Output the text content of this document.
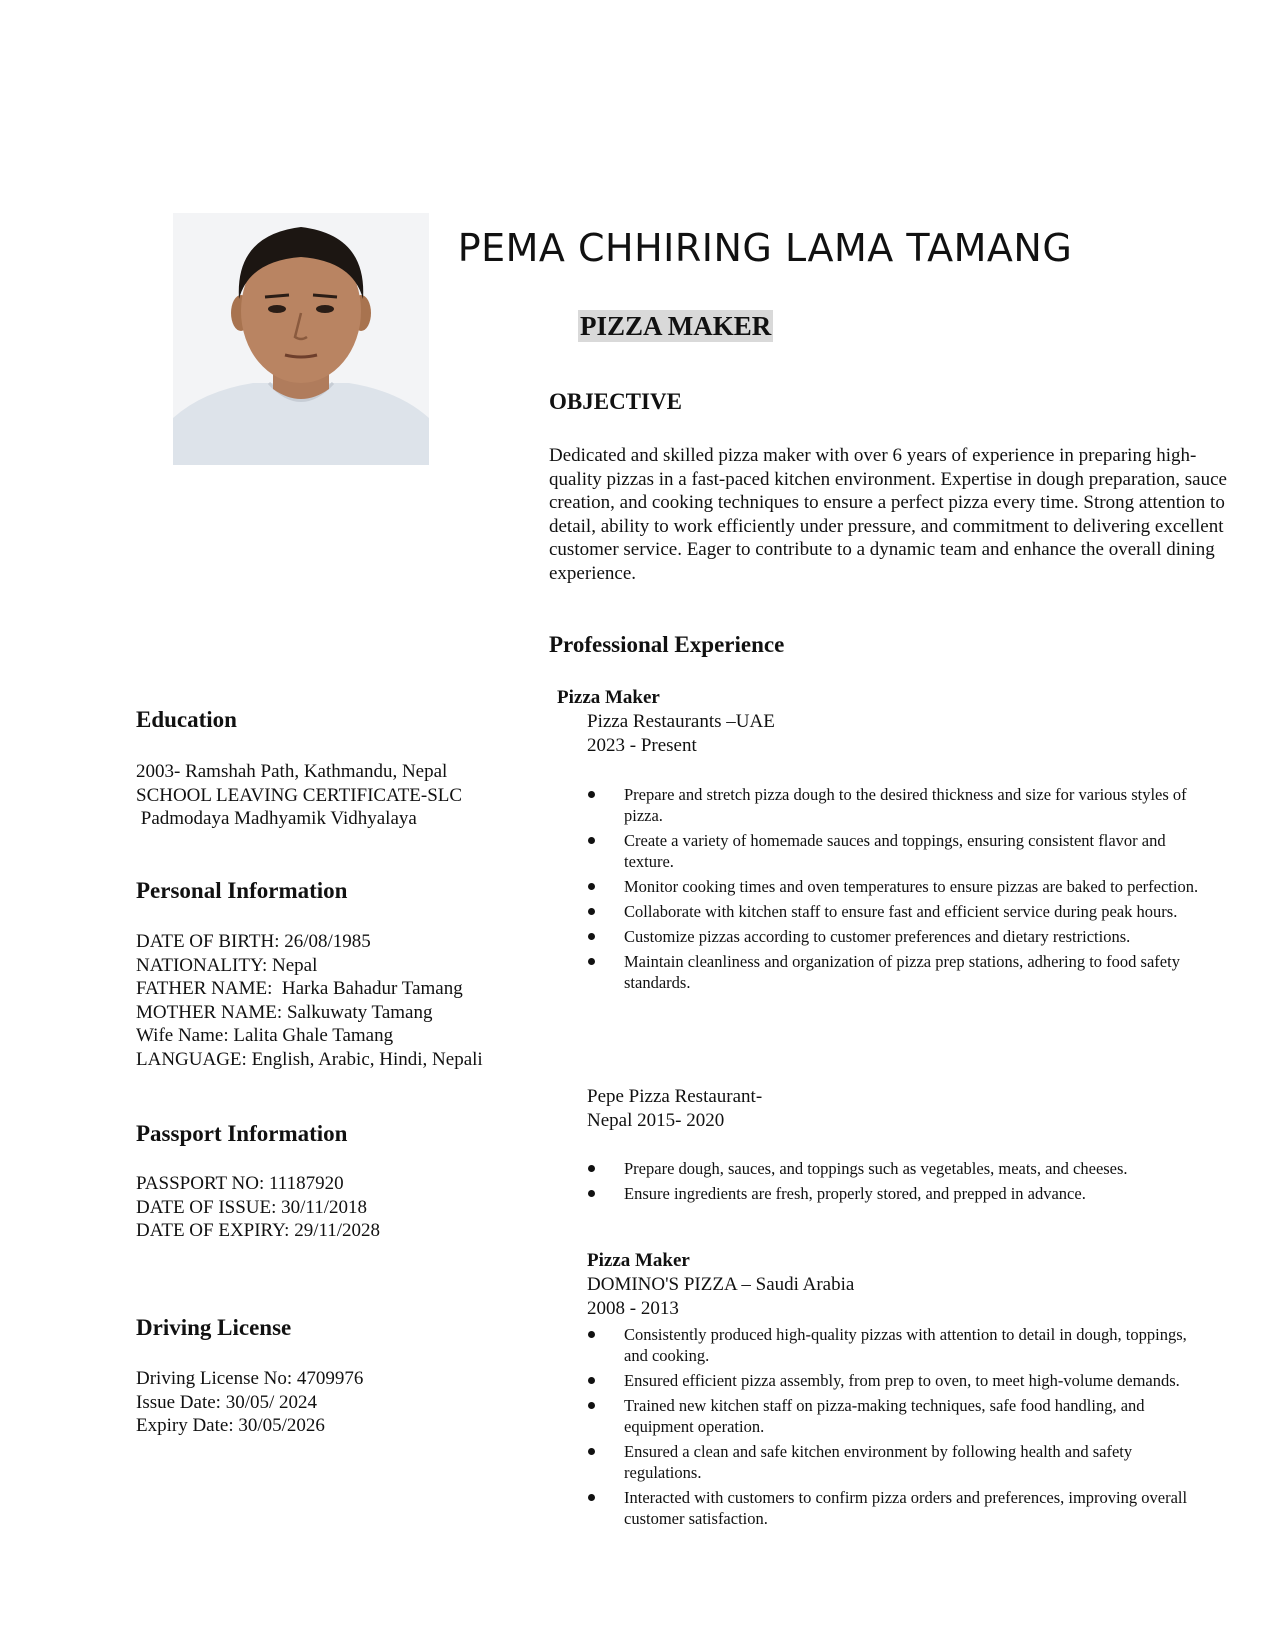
PEMA CHHIRING LAMA TAMANG
PIZZA MAKER
OBJECTIVE
Dedicated and skilled pizza maker with over 6 years of experience in preparing high-quality pizzas in a fast-paced kitchen environment. Expertise in dough preparation, sauce creation, and cooking techniques to ensure a perfect pizza every time. Strong attention to detail, ability to work efficiently under pressure, and commitment to delivering excellent customer service. Eager to contribute to a dynamic team and enhance the overall dining experience.
Professional Experience
Pizza Maker
Pizza Restaurants –UAE
2023 - Present
Prepare and stretch pizza dough to the desired thickness and size for various styles of pizza.
Create a variety of homemade sauces and toppings, ensuring consistent flavor and texture.
Monitor cooking times and oven temperatures to ensure pizzas are baked to perfection.
Collaborate with kitchen staff to ensure fast and efficient service during peak hours.
Customize pizzas according to customer preferences and dietary restrictions.
Maintain cleanliness and organization of pizza prep stations, adhering to food safety standards.
Pepe Pizza Restaurant-
Nepal 2015- 2020
Prepare dough, sauces, and toppings such as vegetables, meats, and cheeses.
Ensure ingredients are fresh, properly stored, and prepped in advance.
Pizza Maker
DOMINO'S PIZZA – Saudi Arabia
2008 - 2013
Consistently produced high-quality pizzas with attention to detail in dough, toppings, and cooking.
Ensured efficient pizza assembly, from prep to oven, to meet high-volume demands.
Trained new kitchen staff on pizza-making techniques, safe food handling, and equipment operation.
Ensured a clean and safe kitchen environment by following health and safety regulations.
Interacted with customers to confirm pizza orders and preferences, improving overall customer satisfaction.
Education
2003- Ramshah Path, Kathmandu, Nepal
SCHOOL LEAVING CERTIFICATE-SLC
Padmodaya Madhyamik Vidhyalaya
Personal Information
DATE OF BIRTH: 26/08/1985
NATIONALITY: Nepal
FATHER NAME:  Harka Bahadur Tamang
MOTHER NAME: Salkuwaty Tamang
Wife Name: Lalita Ghale Tamang
LANGUAGE: English, Arabic, Hindi, Nepali
Passport Information
PASSPORT NO: 11187920
DATE OF ISSUE: 30/11/2018
DATE OF EXPIRY: 29/11/2028
Driving License
Driving License No: 4709976
Issue Date: 30/05/ 2024
Expiry Date: 30/05/2026
